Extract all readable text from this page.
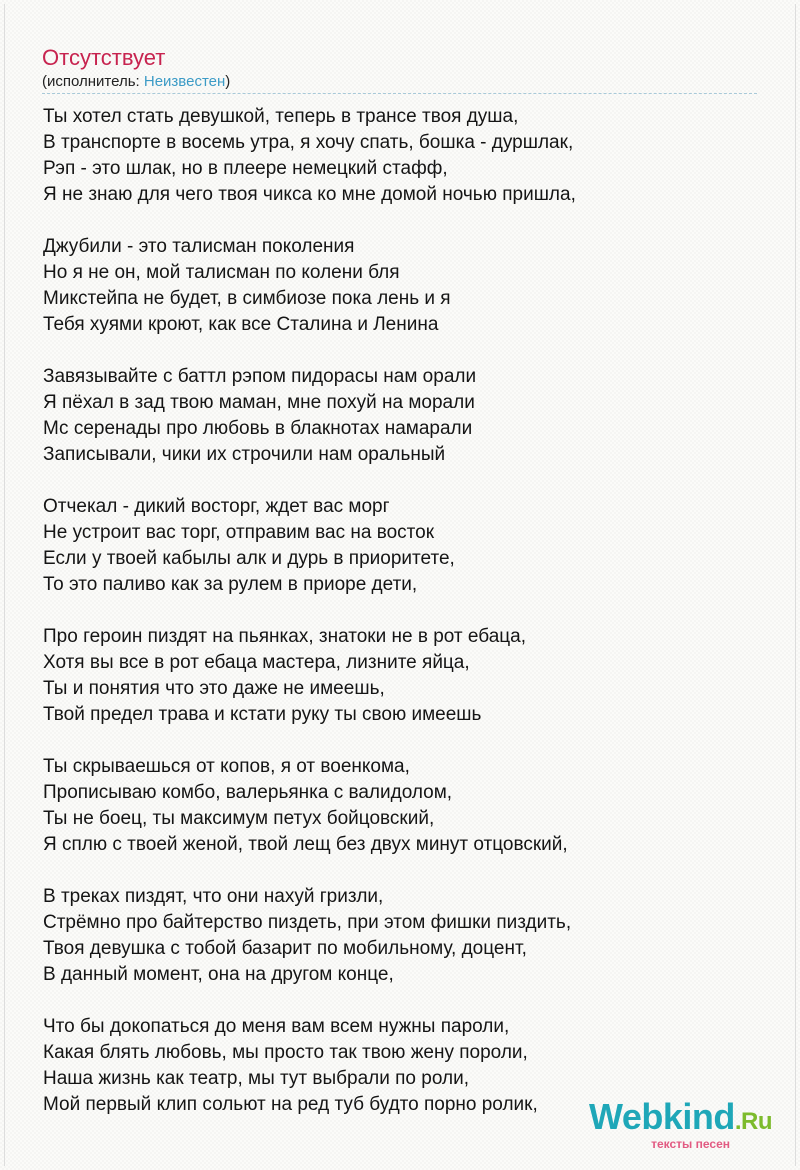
Отсутствует
(исполнитель: Неизвестен)
Ты хотел стать девушкой, теперь в трансе твоя душа,
В транспорте в восемь утра, я хочу спать, бошка - дуршлак,
Рэп - это шлак, но в плеере немецкий стафф,
Я не знаю для чего твоя чикса ко мне домой ночью пришла,
Джубили - это талисман поколения
Но я не он, мой талисман по колени бля
Микстейпа не будет, в симбиозе пока лень и я
Тебя хуями кроют, как все Сталина и Ленина
Завязывайте с баттл рэпом пидорасы нам орали
Я пёхал в зад твою маман, мне похуй на морали
Мс серенады про любовь в блакнотах намарали
Записывали, чики их строчили нам оральный
Отчекал - дикий восторг, ждет вас морг
Не устроит вас торг, отправим вас на восток
Если у твоей кабылы алк и дурь в приоритете,
То это паливо как за рулем в приоре дети,
Про героин пиздят на пьянках, знатоки не в рот ебаца,
Хотя вы все в рот ебаца мастера, лизните яйца,
Ты и понятия что это даже не имеешь,
Твой предел трава и кстати руку ты свою имеешь
Ты скрываешься от копов, я от военкома,
Прописываю комбо, валерьянка с валидолом,
Ты не боец, ты максимум петух бойцовский,
Я сплю с твоей женой, твой лещ без двух минут отцовский,
В треках пиздят, что они нахуй гризли,
Стрёмно про байтерство пиздеть, при этом фишки пиздить,
Твоя девушка с тобой базарит по мобильному, доцент,
В данный момент, она на другом конце,
Что бы докопаться до меня вам всем нужны пароли,
Какая блять любовь, мы просто так твою жену пороли,
Наша жизнь как театр, мы тут выбрали по роли,
Мой первый клип сольют на ред туб будто порно ролик,	Webkind.Ru
тексты песен
